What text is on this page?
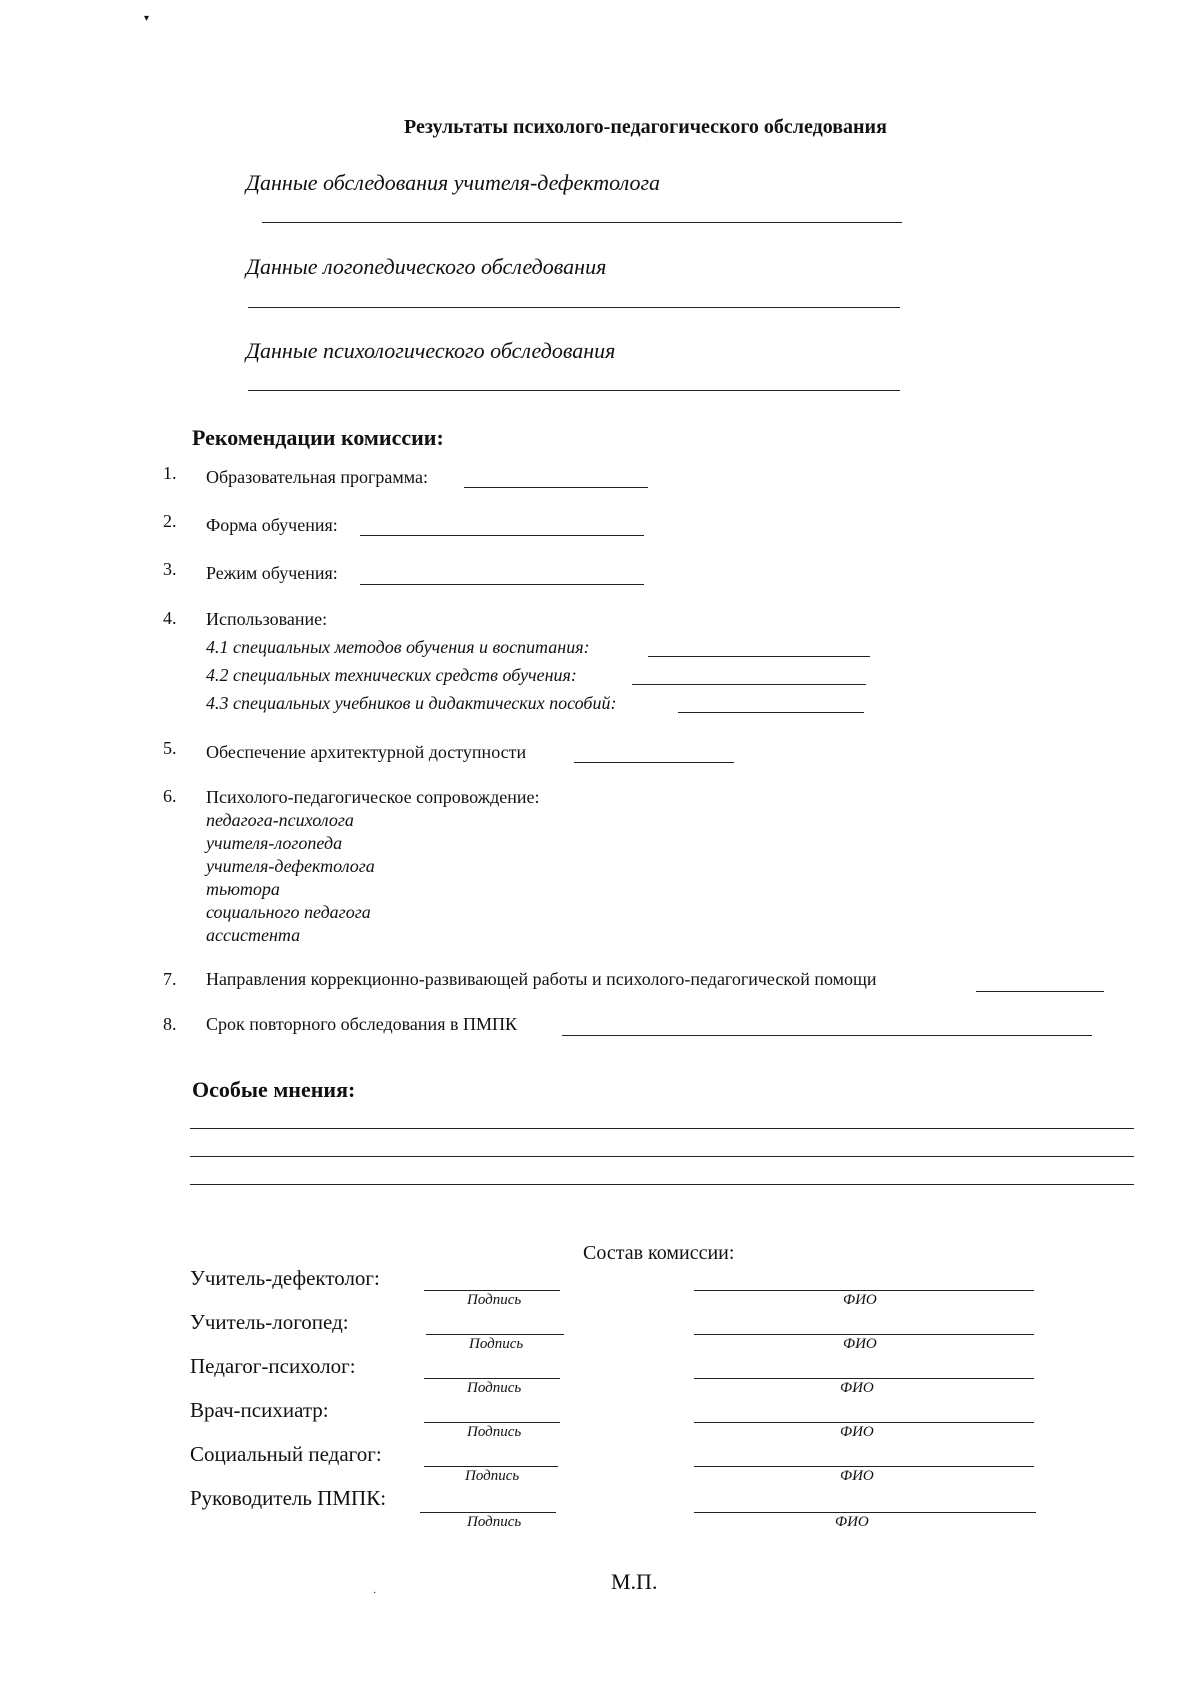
▾
·
Результаты психолого-педагогического обследования
Данные обследования учителя-дефектолога
Данные логопедического обследования
Данные психологического обследования
Рекомендации комиссии:
1. Образовательная программа:
2. Форма обучения:
3. Режим обучения:
4. Использование:
4.1 специальных методов обучения и воспитания:
4.2 специальных технических средств обучения:
4.3 специальных учебников и дидактических пособий:
5. Обеспечение архитектурной доступности
6. Психолого-педагогическое сопровождение:
педагога-психолога
учителя-логопеда
учителя-дефектолога
тьютора
социального педагога
ассистента
7. Направления коррекционно-развивающей работы и психолого-педагогической помощи
8. Срок повторного обследования в ПМПК
Особые мнения:
Состав комиссии:
Учитель-дефектолог:
Подпись	ФИО
Учитель-логопед:
Подпись	ФИО
Педагог-психолог:
Подпись	ФИО
Врач-психиатр:
Подпись	ФИО
Социальный педагог:
Подпись	ФИО
Руководитель ПМПК:
Подпись	ФИО
М.П.
